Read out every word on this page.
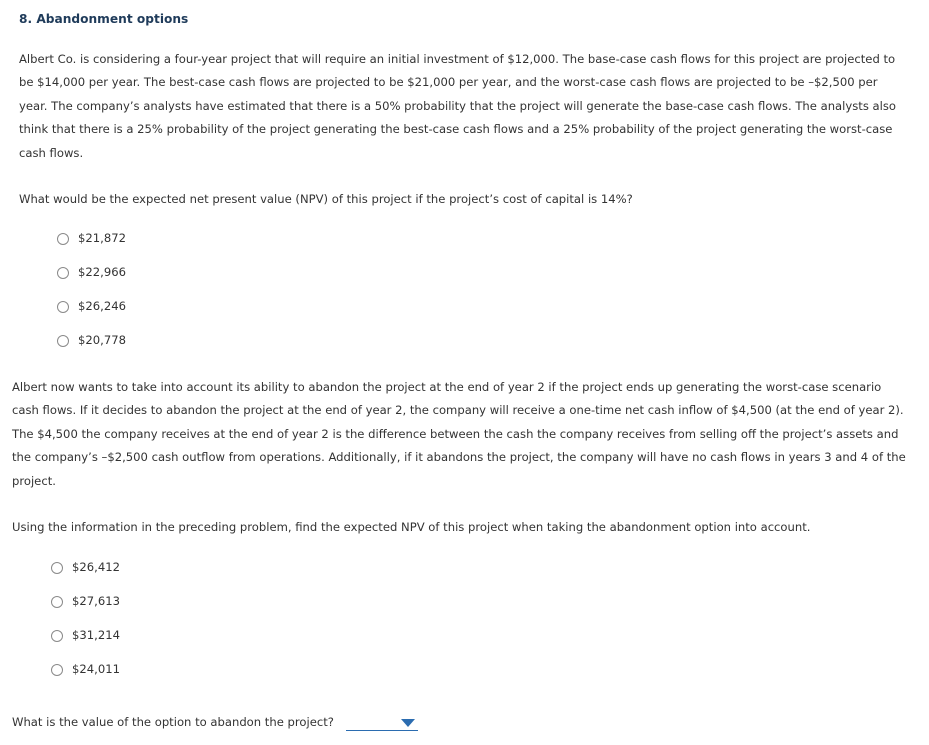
8. Abandonment options

Albert Co. is considering a four-year project that will require an initial investment of $12,000. The base-case cash flows for this project are projected to be $14,000 per year. The best-case cash flows are projected to be $21,000 per year, and the worst-case cash flows are projected to be –$2,500 per year. The company’s analysts have estimated that there is a 50% probability that the project will generate the base-case cash flows. The analysts also think that there is a 25% probability of the project generating the best-case cash flows and a 25% probability of the project generating the worst-case cash flows.

What would be the expected net present value (NPV) of this project if the project’s cost of capital is 14%?

$21,872
$22,966
$26,246
$20,778

Albert now wants to take into account its ability to abandon the project at the end of year 2 if the project ends up generating the worst-case scenario cash flows. If it decides to abandon the project at the end of year 2, the company will receive a one-time net cash inflow of $4,500 (at the end of year 2). The $4,500 the company receives at the end of year 2 is the difference between the cash the company receives from selling off the project’s assets and the company’s –$2,500 cash outflow from operations. Additionally, if it abandons the project, the company will have no cash flows in years 3 and 4 of the project.

Using the information in the preceding problem, find the expected NPV of this project when taking the abandonment option into account.

$26,412
$27,613
$31,214
$24,011
What is the value of the option to abandon the project?
